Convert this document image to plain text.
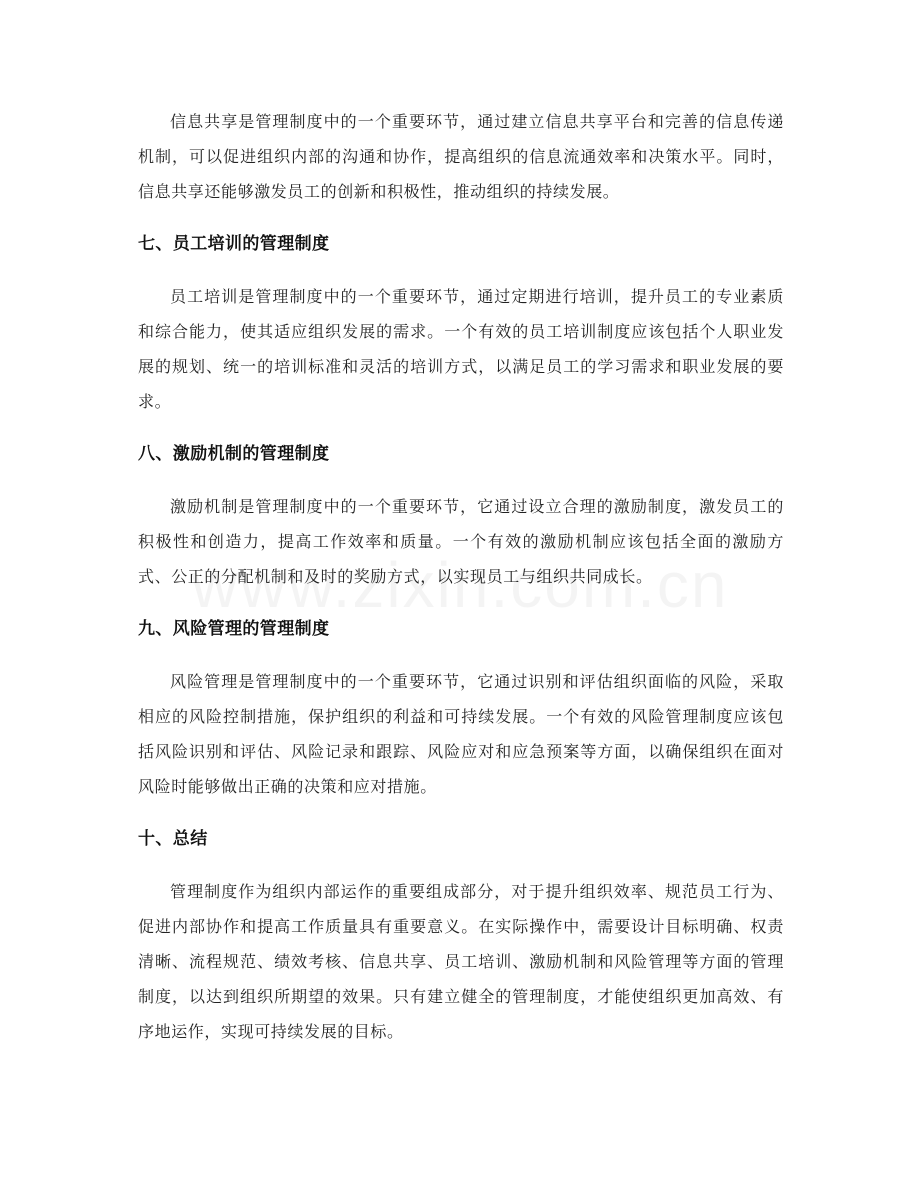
信息共享是管理制度中的一个重要环节，通过建立信息共享平台和完善的信息传递机制，可以促进组织内部的沟通和协作，提高组织的信息流通效率和决策水平。同时，信息共享还能够激发员工的创新和积极性，推动组织的持续发展。

七、员工培训的管理制度

员工培训是管理制度中的一个重要环节，通过定期进行培训，提升员工的专业素质和综合能力，使其适应组织发展的需求。一个有效的员工培训制度应该包括个人职业发展的规划、统一的培训标准和灵活的培训方式，以满足员工的学习需求和职业发展的要求。

八、激励机制的管理制度

激励机制是管理制度中的一个重要环节，它通过设立合理的激励制度，激发员工的积极性和创造力，提高工作效率和质量。一个有效的激励机制应该包括全面的激励方式、公正的分配机制和及时的奖励方式，以实现员工与组织共同成长。

九、风险管理的管理制度

风险管理是管理制度中的一个重要环节，它通过识别和评估组织面临的风险，采取相应的风险控制措施，保护组织的利益和可持续发展。一个有效的风险管理制度应该包括风险识别和评估、风险记录和跟踪、风险应对和应急预案等方面，以确保组织在面对风险时能够做出正确的决策和应对措施。

十、总结

管理制度作为组织内部运作的重要组成部分，对于提升组织效率、规范员工行为、促进内部协作和提高工作质量具有重要意义。在实际操作中，需要设计目标明确、权责清晰、流程规范、绩效考核、信息共享、员工培训、激励机制和风险管理等方面的管理制度，以达到组织所期望的效果。只有建立健全的管理制度，才能使组织更加高效、有序地运作，实现可持续发展的目标。
